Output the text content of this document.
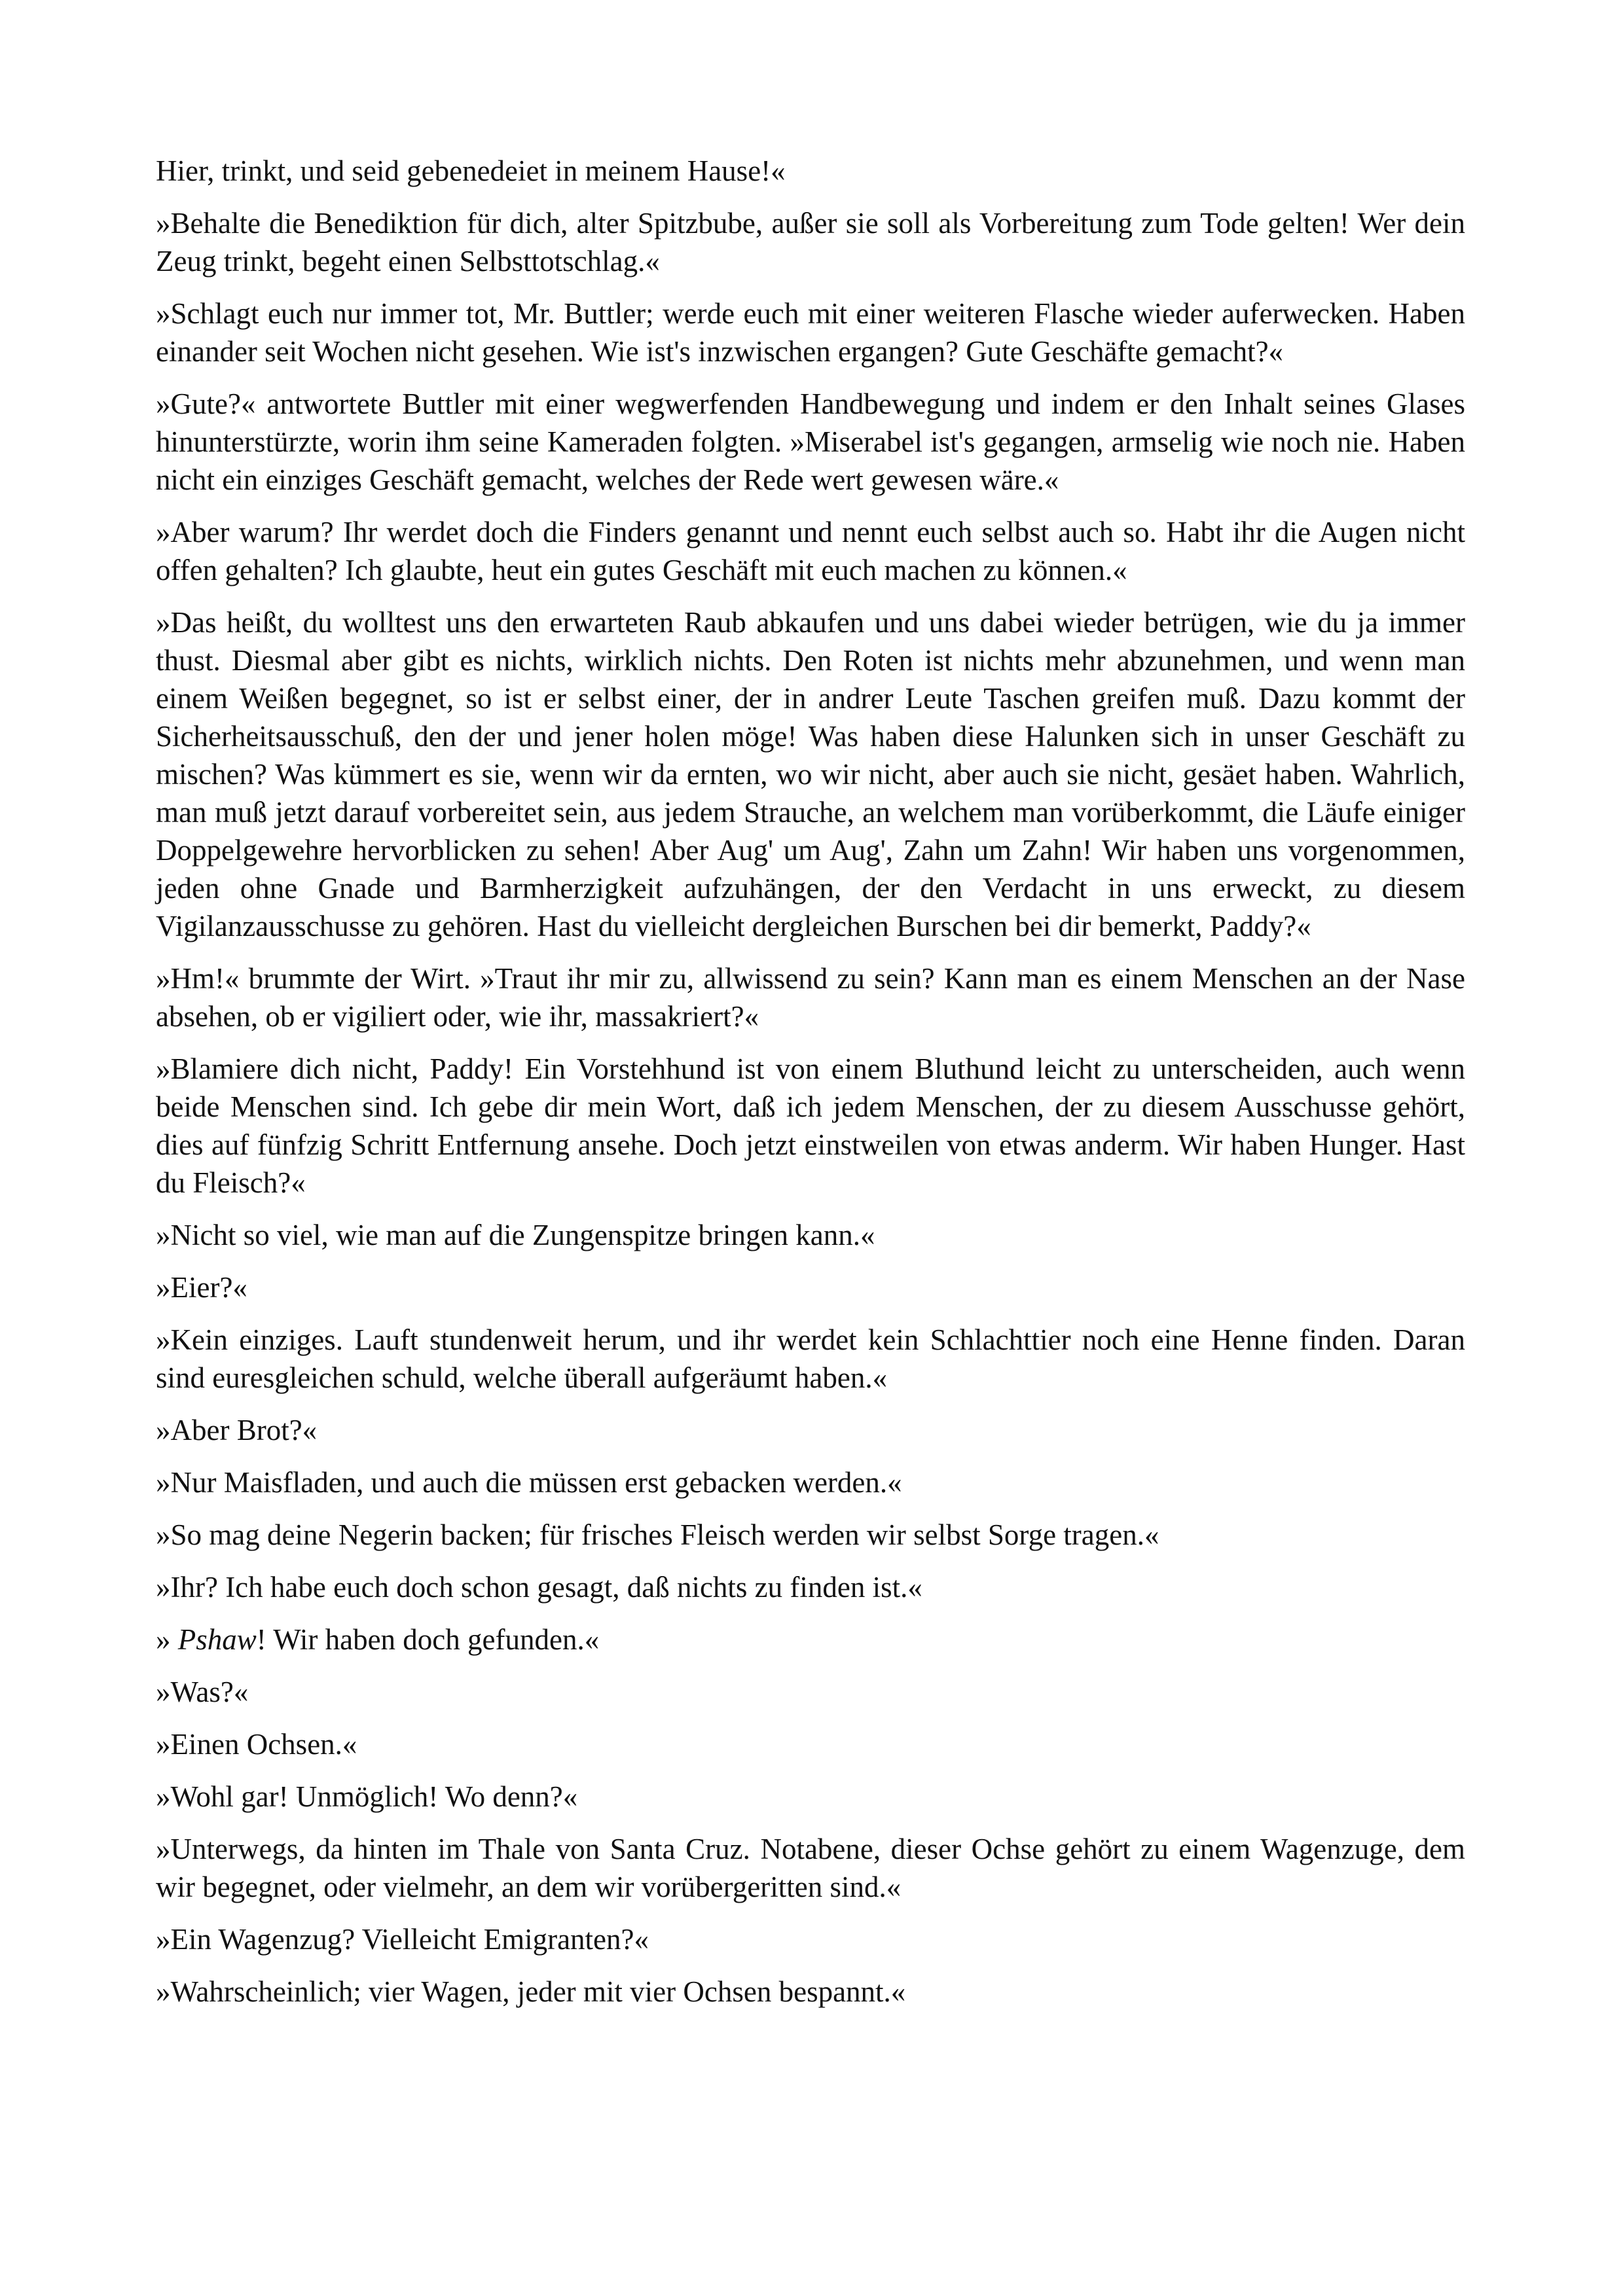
Hier, trinkt, und seid gebenedeiet in meinem Hause!«

»Behalte die Benediktion für dich, alter Spitzbube, außer sie soll als Vorbereitung zum Tode gelten! Wer dein Zeug trinkt, begeht einen Selbsttotschlag.«

»Schlagt euch nur immer tot, Mr. Buttler; werde euch mit einer weiteren Flasche wieder auferwecken. Haben einander seit Wochen nicht gesehen. Wie ist's inzwischen ergangen? Gute Geschäfte gemacht?«

»Gute?« antwortete Buttler mit einer wegwerfenden Handbewegung und indem er den Inhalt seines Glases hinunterstürzte, worin ihm seine Kameraden folgten. »Miserabel ist's gegangen, armselig wie noch nie. Haben nicht ein einziges Geschäft gemacht, welches der Rede wert gewesen wäre.«

»Aber warum? Ihr werdet doch die Finders genannt und nennt euch selbst auch so. Habt ihr die Augen nicht offen gehalten? Ich glaubte, heut ein gutes Geschäft mit euch machen zu können.«

»Das heißt, du wolltest uns den erwarteten Raub abkaufen und uns dabei wieder betrügen, wie du ja immer thust. Diesmal aber gibt es nichts, wirklich nichts. Den Roten ist nichts mehr abzunehmen, und wenn man einem Weißen begegnet, so ist er selbst einer, der in andrer Leute Taschen greifen muß. Dazu kommt der Sicherheitsausschuß, den der und jener holen möge! Was haben diese Halunken sich in unser Geschäft zu mischen? Was kümmert es sie, wenn wir da ernten, wo wir nicht, aber auch sie nicht, gesäet haben. Wahrlich, man muß jetzt darauf vorbereitet sein, aus jedem Strauche, an welchem man vorüberkommt, die Läufe einiger Doppelgewehre hervorblicken zu sehen! Aber Aug' um Aug', Zahn um Zahn! Wir haben uns vorgenommen, jeden ohne Gnade und Barmherzigkeit aufzuhängen, der den Verdacht in uns erweckt, zu diesem Vigilanzausschusse zu gehören. Hast du vielleicht dergleichen Burschen bei dir bemerkt, Paddy?«

»Hm!« brummte der Wirt. »Traut ihr mir zu, allwissend zu sein? Kann man es einem Menschen an der Nase absehen, ob er vigiliert oder, wie ihr, massakriert?«

»Blamiere dich nicht, Paddy! Ein Vorstehhund ist von einem Bluthund leicht zu unterscheiden, auch wenn beide Menschen sind. Ich gebe dir mein Wort, daß ich jedem Menschen, der zu diesem Ausschusse gehört, dies auf fünfzig Schritt Entfernung ansehe. Doch jetzt einstweilen von etwas anderm. Wir haben Hunger. Hast du Fleisch?«

»Nicht so viel, wie man auf die Zungenspitze bringen kann.«

»Eier?«

»Kein einziges. Lauft stundenweit herum, und ihr werdet kein Schlachttier noch eine Henne finden. Daran sind euresgleichen schuld, welche überall aufgeräumt haben.«

»Aber Brot?«

»Nur Maisfladen, und auch die müssen erst gebacken werden.«

»So mag deine Negerin backen; für frisches Fleisch werden wir selbst Sorge tragen.«

»Ihr? Ich habe euch doch schon gesagt, daß nichts zu finden ist.«

» Pshaw! Wir haben doch gefunden.«

»Was?«

»Einen Ochsen.«

»Wohl gar! Unmöglich! Wo denn?«

»Unterwegs, da hinten im Thale von Santa Cruz. Notabene, dieser Ochse gehört zu einem Wagenzuge, dem wir begegnet, oder vielmehr, an dem wir vorübergeritten sind.«

»Ein Wagenzug? Vielleicht Emigranten?«

»Wahrscheinlich; vier Wagen, jeder mit vier Ochsen bespannt.«
